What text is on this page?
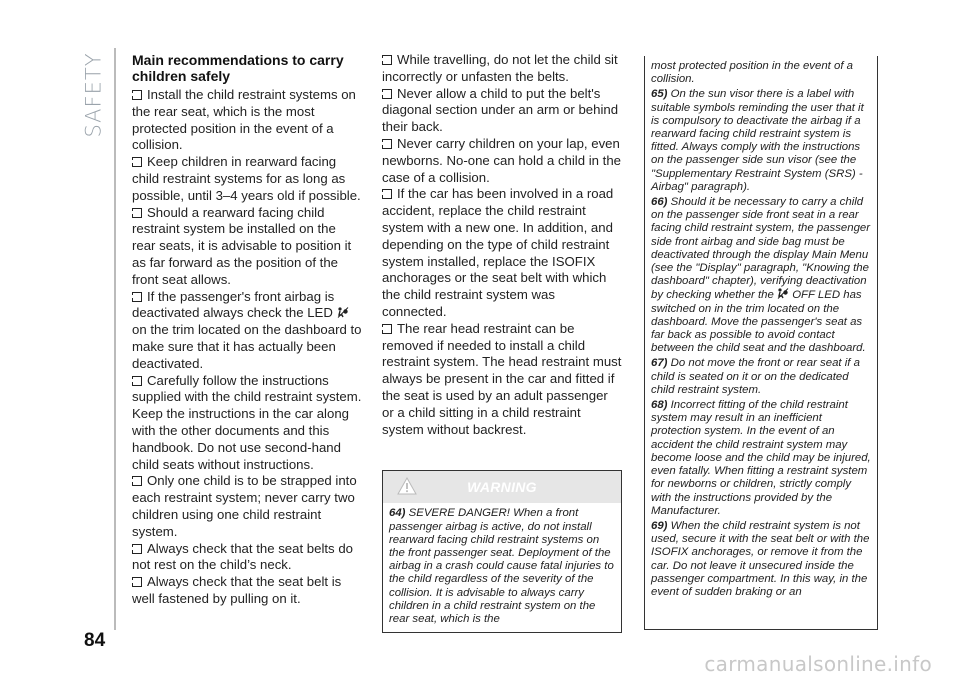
SAFETY Main recommendations to carry children safely

Install the child restraint systems on the rear seat, which is the most protected position in the event of a collision.

Keep children in rearward facing child restraint systems for as long as possible, until 3–4 years old if possible.

Should a rearward facing child restraint system be installed on the rear seats, it is advisable to position it as far forward as the position of the front seat allows.

If the passenger's front airbag is deactivated always check the LED  on the trim located on the dashboard to make sure that it has actually been deactivated.

Carefully follow the instructions supplied with the child restraint system. Keep the instructions in the car along with the other documents and this handbook. Do not use second-hand child seats without instructions.

Only one child is to be strapped into each restraint system; never carry two children using one child restraint system.

Always check that the seat belts do not rest on the child’s neck.

Always check that the seat belt is well fastened by pulling on it.

While travelling, do not let the child sit incorrectly or unfasten the belts.

Never allow a child to put the belt's diagonal section under an arm or behind their back.

Never carry children on your lap, even newborns. No-one can hold a child in the case of a collision.

If the car has been involved in a road accident, replace the child restraint system with a new one. In addition, and depending on the type of child restraint system installed, replace the ISOFIX anchorages or the seat belt with which the child restraint system was connected.

The rear head restraint can be removed if needed to install a child restraint system. The head restraint must always be present in the car and fitted if the seat is used by an adult passenger or a child sitting in a child restraint system without backrest.

WARNING

64) SEVERE DANGER! When a front passenger airbag is active, do not install rearward facing child restraint systems on the front passenger seat. Deployment of the airbag in a crash could cause fatal injuries to the child regardless of the severity of the collision. It is advisable to always carry children in a child restraint system on the rear seat, which is the

most protected position in the event of a collision.

65) On the sun visor there is a label with suitable symbols reminding the user that it is compulsory to deactivate the airbag if a rearward facing child restraint system is fitted. Always comply with the instructions on the passenger side sun visor (see the "Supplementary Restraint System (SRS) - Airbag" paragraph).

66) Should it be necessary to carry a child on the passenger side front seat in a rear facing child restraint system, the passenger side front airbag and side bag must be deactivated through the display Main Menu (see the "Display" paragraph, "Knowing the dashboard" chapter), verifying deactivation by checking whether the OFF LED has switched on in the trim located on the dashboard. Move the passenger's seat as far back as possible to avoid contact between the child seat and the dashboard.

67) Do not move the front or rear seat if a child is seated on it or on the dedicated child restraint system.

68) Incorrect fitting of the child restraint system may result in an inefficient protection system. In the event of an accident the child restraint system may become loose and the child may be injured, even fatally. When fitting a restraint system for newborns or children, strictly comply with the instructions provided by the Manufacturer.

69) When the child restraint system is not used, secure it with the seat belt or with the ISOFIX anchorages, or remove it from the car. Do not leave it unsecured inside the passenger compartment. In this way, in the event of sudden braking or an

84
carmanualsonline.info
